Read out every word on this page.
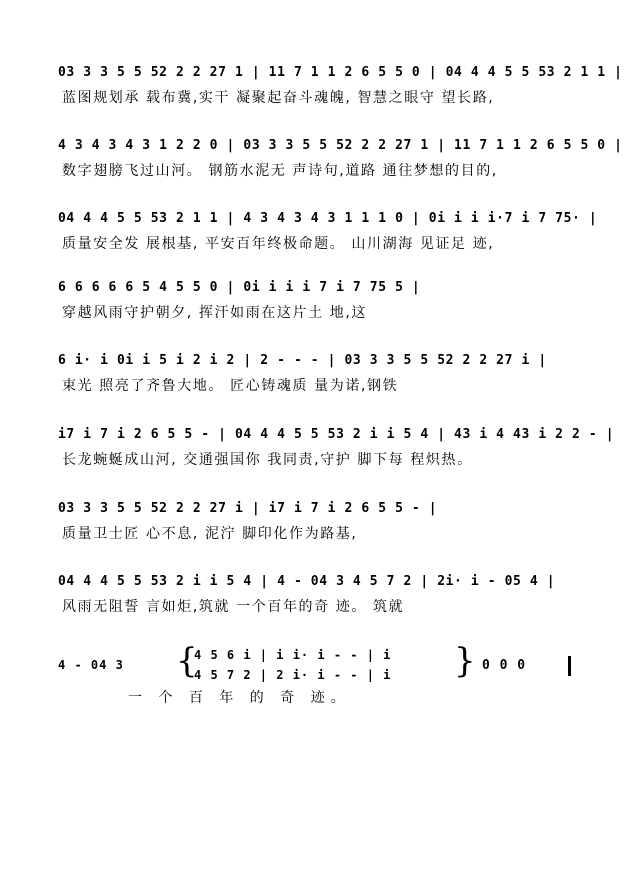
03 3 3 5 5 52 2 2 27 1 | 11 7 1 1 2 6 5 5 0 | 04 4 4 5 5 53 2 1 1 |
蓝图规划承 载布冀,实干 凝聚起奋斗魂魄, 智慧之眼守 望长路,
4 3 4 3 4 3 1 2 2 0 | 03 3 3 5 5 52 2 2 27 1 | 11 7 1 1 2 6 5 5 0 |
数字翅膀飞过山河。 钢筋水泥无 声诗句,道路 通往梦想的目的,
04 4 4 5 5 53 2 1 1 | 4 3 4 3 4 3 1 1 1 0 | 0i i i i·7 i 7 75· |
质量安全发 展根基, 平安百年终极命题。 山川湖海 见证足 迹,
6 6 6 6 6 5 4 5 5 0 | 0i i i i 7 i 7 75 5 |
穿越风雨守护朝夕, 挥汗如雨在这片土 地,这
6 i· i 0i i 5 i 2 i 2 | 2 - - - | 03 3 3 5 5 52 2 2 27 i |
束光 照亮了齐鲁大地。 匠心铸魂质 量为诺,钢铁
i7 i 7 i 2 6 5 5 - | 04 4 4 5 5 53 2 i i 5 4 | 43 i 4 43 i 2 2 - |
长龙蜿蜒成山河, 交通强国你 我同责,守护 脚下每 程炽热。
03 3 3 5 5 52 2 2 27 i | i7 i 7 i 2 6 5 5 - |
质量卫士匠 心不息, 泥泞 脚印化作为路基,
04 4 4 5 5 53 2 i i 5 4 | 4 - 04 3 4 5 7 2 | 2i· i - 05 4 |
风雨无阻誓 言如炬,筑就 一个百年的奇 迹。 筑就
4 - 04 3 {
4 5 6 i | i i· i - - | i
4 5 7 2 | 2 i· i - - | i } 0 0 0
一 个 百 年 的 奇 迹。
